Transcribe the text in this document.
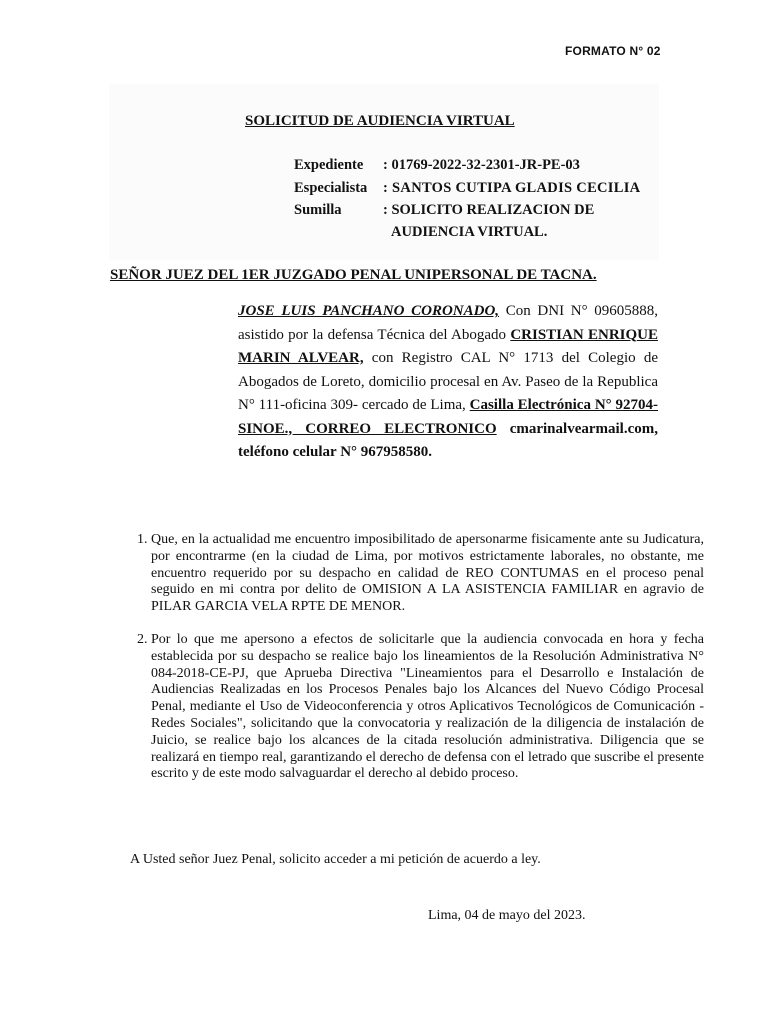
FORMATO N° 02
SOLICITUD DE AUDIENCIA VIRTUAL
Expediente : 01769-2022-32-2301-JR-PE-03
Especialista : SANTOS CUTIPA GLADIS CECILIA
Sumilla	: SOLICITO REALIZACION DE
AUDIENCIA VIRTUAL.
SEÑOR JUEZ DEL 1ER JUZGADO PENAL UNIPERSONAL DE TACNA.
JOSE LUIS PANCHANO CORONADO, Con DNI N° 09605888, asistido por la defensa Técnica del Abogado CRISTIAN ENRIQUE MARIN ALVEAR, con Registro CAL N° 1713 del Colegio de Abogados de Loreto, domicilio procesal en Av. Paseo de la Republica N° 111-oficina 309- cercado de Lima, Casilla Electrónica N° 92704-SINOE., CORREO ELECTRONICO cmarinalvearmail.com, teléfono celular N° 967958580.
1. Que, en la actualidad me encuentro imposibilitado de apersonarme fisicamente ante su Judicatura, por encontrarme (en la ciudad de Lima, por motivos estrictamente laborales, no obstante, me encuentro requerido por su despacho en calidad de REO CONTUMAS en el proceso penal seguido en mi contra por delito de OMISION A LA ASISTENCIA FAMILIAR en agravio de PILAR GARCIA VELA RPTE DE MENOR.
2. Por lo que me apersono a efectos de solicitarle que la audiencia convocada en hora y fecha establecida por su despacho se realice bajo los lineamientos de la Resolución Administrativa N° 084-2018-CE-PJ, que Aprueba Directiva "Lineamientos para el Desarrollo e Instalación de Audiencias Realizadas en los Procesos Penales bajo los Alcances del Nuevo Código Procesal Penal, mediante el Uso de Videoconferencia y otros Aplicativos Tecnológicos de Comunicación - Redes Sociales", solicitando que la convocatoria y realización de la diligencia de instalación de Juicio, se realice bajo los alcances de la citada resolución administrativa. Diligencia que se realizará en tiempo real, garantizando el derecho de defensa con el letrado que suscribe el presente escrito y de este modo salvaguardar el derecho al debido proceso.
A Usted señor Juez Penal, solicito acceder a mi petición de acuerdo a ley.
Lima, 04 de mayo del 2023.
